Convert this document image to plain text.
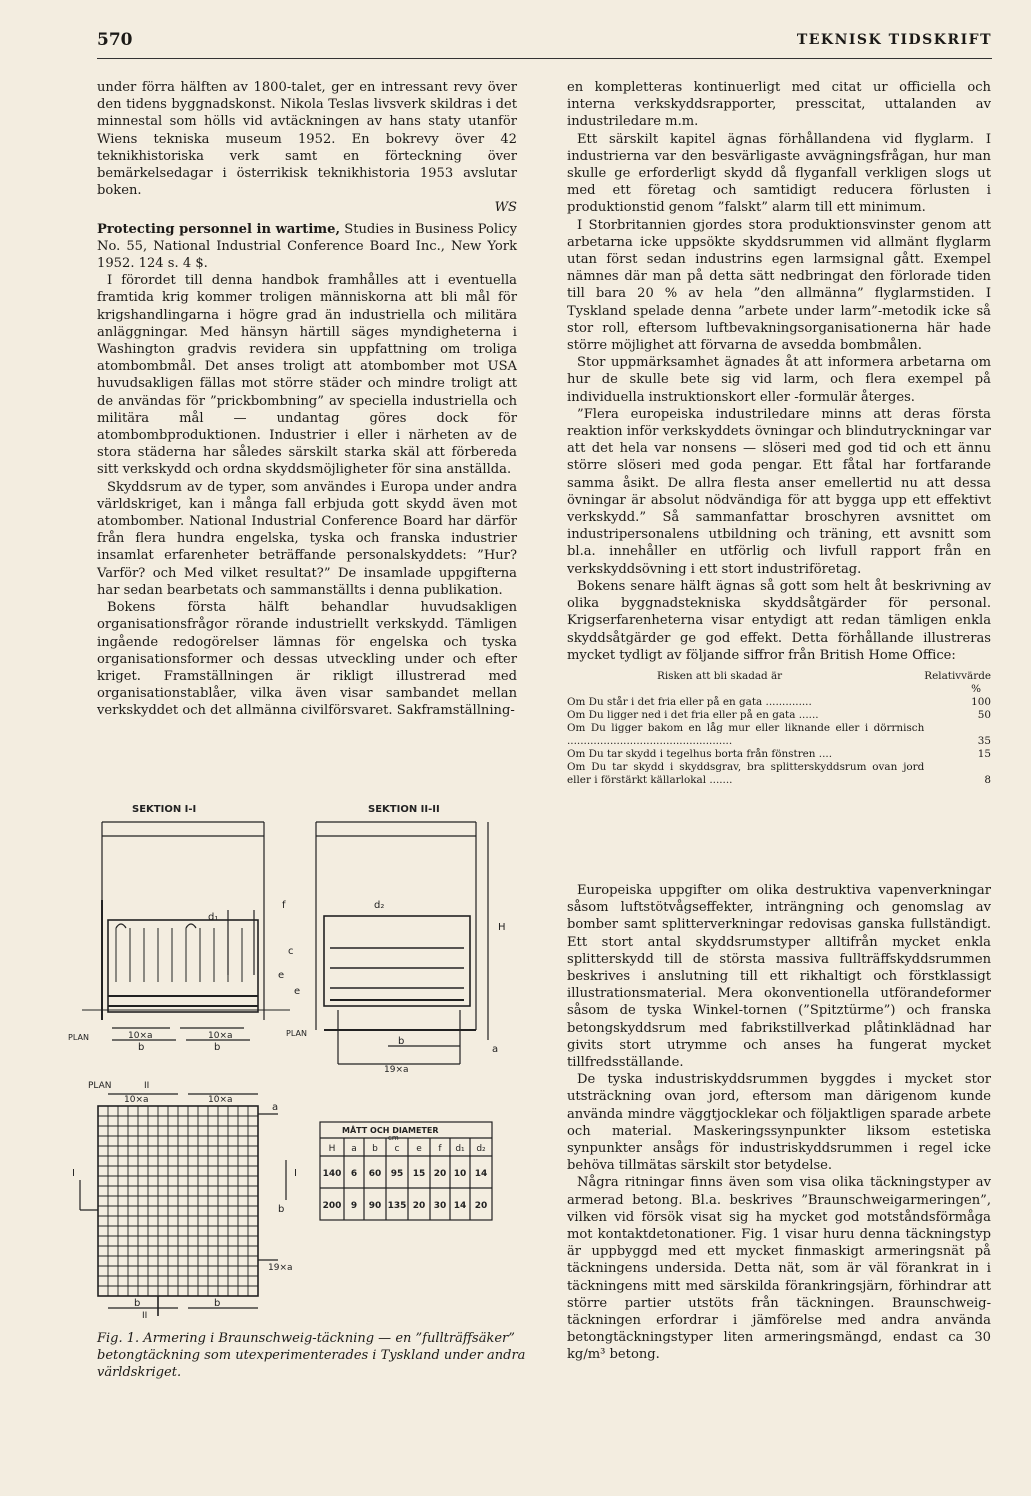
570	TEKNISK TIDSKRIFT

under förra hälften av 1800-talet, ger en intressant revy över den tidens byggnadskonst. Nikola Teslas livsverk skildras i det minnestal som hölls vid avtäckningen av hans staty utanför Wiens tekniska museum 1952. En bokrevy över 42 teknikhistoriska verk samt en förteckning över bemärkelsedagar i österrikisk teknikhistoria 1953 avslutar boken.

WS

Protecting personnel in wartime, Studies in Business Policy No. 55, National Industrial Conference Board Inc., New York 1952. 124 s. 4 $.

I förordet till denna handbok framhålles att i eventuella framtida krig kommer troligen människorna att bli mål för krigshandlingarna i högre grad än industriella och militära anläggningar. Med hänsyn härtill säges myndigheterna i Washington gradvis revidera sin uppfattning om troliga atombombmål. Det anses troligt att atombomber mot USA huvudsakligen fällas mot större städer och mindre troligt att de användas för ”prickbombning” av speciella industriella och militära mål — undantag göres dock för atombombproduktionen. Industrier i eller i närheten av de stora städerna har således särskilt starka skäl att förbereda sitt verkskydd och ordna skyddsmöjligheter för sina anställda.

Skyddsrum av de typer, som användes i Europa under andra världskriget, kan i många fall erbjuda gott skydd även mot atombomber. National Industrial Conference Board har därför från flera hundra engelska, tyska och franska industrier insamlat erfarenheter beträffande personalskyddets: ”Hur? Varför? och Med vilket resultat?” De insamlade uppgifterna har sedan bearbetats och sammanställts i denna publikation.

Bokens första hälft behandlar huvudsakligen organisationsfrågor rörande industriellt verkskydd. Tämligen ingående redogörelser lämnas för engelska och tyska organisationsformer och dessas utveckling under och efter kriget. Framställningen är rikligt illustrerad med organisationstablåer, vilka även visar sambandet mellan verkskyddet och det allmänna civilförsvaret. Sakframställning-

en kompletteras kontinuerligt med citat ur officiella och interna verkskyddsrapporter, presscitat, uttalanden av industriledare m.m.

Ett särskilt kapitel ägnas förhållandena vid flyglarm. I industrierna var den besvärligaste avvägningsfrågan, hur man skulle ge erforderligt skydd då flyganfall verkligen slogs ut med ett företag och samtidigt reducera förlusten i produktionstid genom ”falskt” alarm till ett minimum.

I Storbritannien gjordes stora produktionsvinster genom att arbetarna icke uppsökte skyddsrummen vid allmänt flyglarm utan först sedan industrins egen larmsignal gått. Exempel nämnes där man på detta sätt nedbringat den förlorade tiden till bara 20 % av hela ”den allmänna” flyglarmstiden. I Tyskland spelade denna ”arbete under larm”-metodik icke så stor roll, eftersom luftbevakningsorganisationerna här hade större möjlighet att förvarna de avsedda bombmålen.

Stor uppmärksamhet ägnades åt att informera arbetarna om hur de skulle bete sig vid larm, och flera exempel på individuella instruktionskort eller -formulär återges.

”Flera europeiska industriledare minns att deras första reaktion inför verkskyddets övningar och blindutryckningar var att det hela var nonsens — slöseri med god tid och ett ännu större slöseri med goda pengar. Ett fåtal har fortfarande samma åsikt. De allra flesta anser emellertid nu att dessa övningar är absolut nödvändiga för att bygga upp ett effektivt verkskydd.” Så sammanfattar broschyren avsnittet om industripersonalens utbildning och träning, ett avsnitt som bl.a. innehåller en utförlig och livfull rapport från en verkskyddsövning i ett stort industriföretag.

Bokens senare hälft ägnas så gott som helt åt beskrivning av olika byggnadstekniska skyddsåtgärder för personal. Krigserfarenheterna visar entydigt att redan tämligen enkla skyddsåtgärder ge god effekt. Detta förhållande illustreras mycket tydligt av följande siffror från British Home Office:

Risken att bli skadad är	Relativvärde
	%
Om Du står i det fria eller på en gata ..............	100
Om Du ligger ned i det fria eller på en gata ......	50
Om Du ligger bakom en låg mur eller liknande eller i dörrnisch ..................................................	35
Om Du tar skydd i tegelhus borta från fönstren ....	15
Om Du tar skydd i skyddsgrav, bra splitterskyddsrum ovan jord eller i förstärkt källarlokal .......	8

Europeiska uppgifter om olika destruktiva vapenverkningar såsom luftstötvågseffekter, inträngning och genomslag av bomber samt splitterverkningar redovisas ganska fullständigt. Ett stort antal skyddsrumstyper alltifrån mycket enkla splitterskydd till de största massiva fullträffskyddsrummen beskrives i anslutning till ett rikhaltigt och förstklassigt illustrationsmaterial. Mera okonventionella utförandeformer såsom de tyska Winkel-tornen (”Spitztürme”) och franska betongskyddsrum med fabrikstillverkad plåtinklädnad har givits stort utrymme och anses ha fungerat mycket tillfredsställande.

De tyska industriskyddsrummen byggdes i mycket stor utsträckning ovan jord, eftersom man därigenom kunde använda mindre väggtjocklekar och följaktligen sparade arbete och material. Maskeringssynpunkter liksom estetiska synpunkter ansågs för industriskyddsrummen i regel icke behöva tillmätas särskilt stor betydelse.

Några ritningar finns även som visa olika täckningstyper av armerad betong. Bl.a. beskrives ”Braunschweigarmeringen”, vilken vid försök visat sig ha mycket god motståndsförmåga mot kontaktdetonationer. Fig. 1 visar huru denna täckningstyp är uppbyggd med ett mycket finmaskigt armeringsnät på täckningens undersida. Detta nät, som är väl förankrat in i täckningens mitt med särskilda förankringsjärn, förhindrar att större partier utstöts från täckningen. Braunschweig-täckningen erfordrar i jämförelse med andra använda betongtäckningstyper liten armeringsmängd, endast ca 30 kg/m³ betong.

SEKTION I-I	SEKTION II-II
d₁
c
e
e
f
PLAN	10×a	10×a
b	b
PLAN
d₂
H
b
19×a
a
PLAN	II
10×a	10×a
a
I	I
b
19×a
b	b
II
MÅTT OCH DIAMETER
cm
H a b c e f d₁ d₂
140 6 60 95 15 20 10 14
200 9 90 135 20 30 14 20
Fig. 1. Armering i Braunschweig-täckning — en ”fullträffsäker” betongtäckning som utexperimenterades i Tyskland under andra världskriget.
